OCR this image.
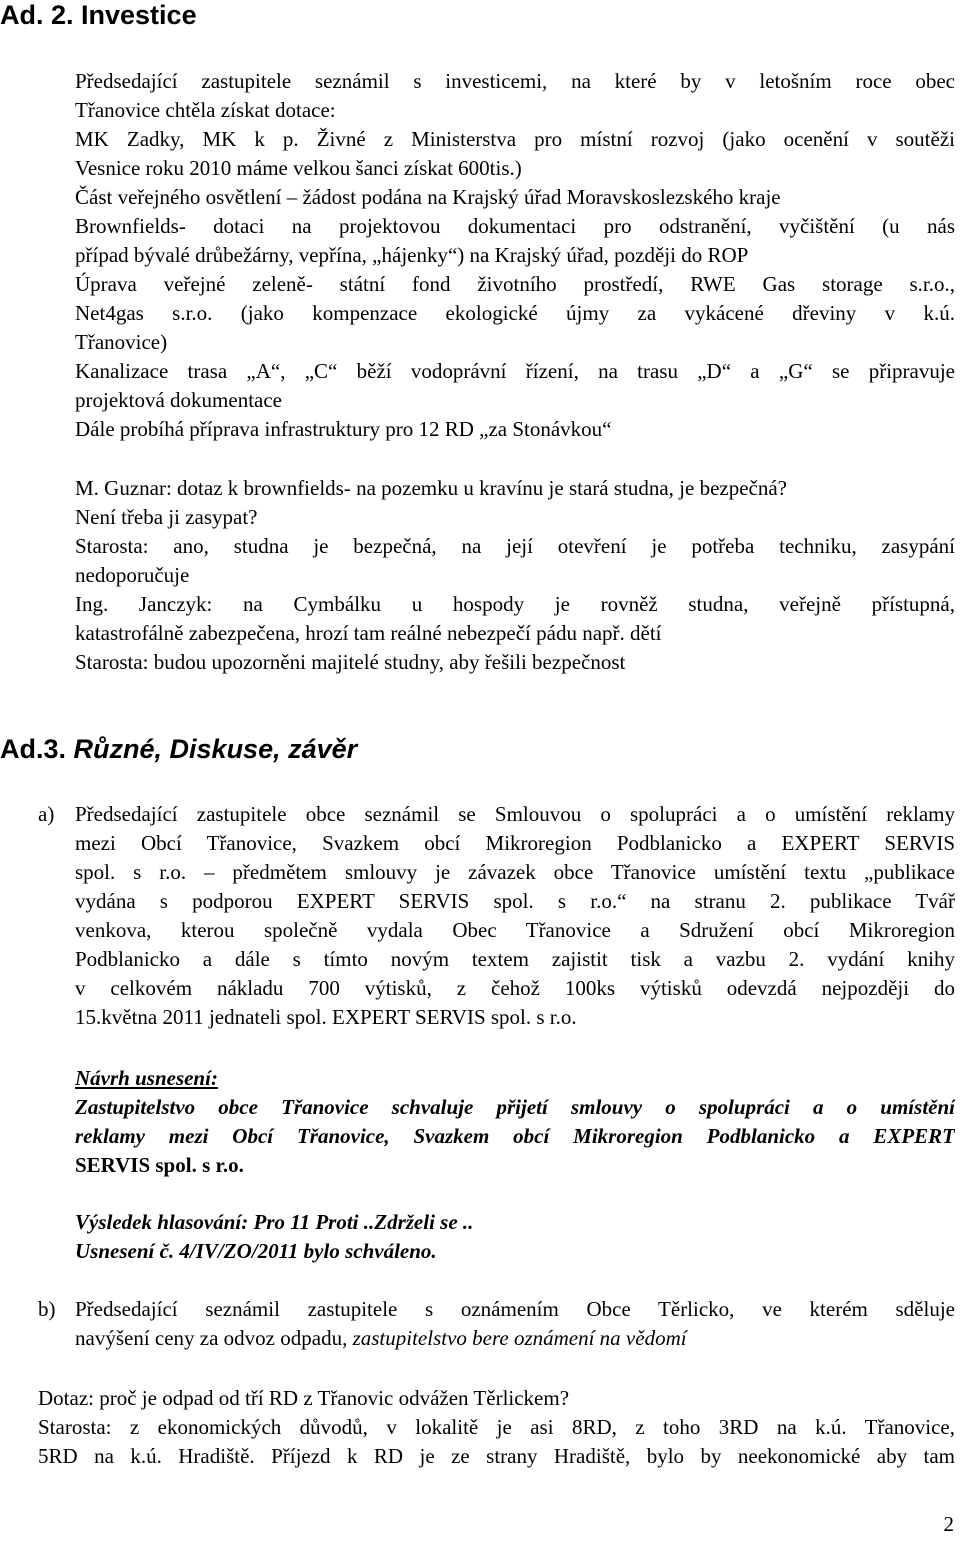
Ad. 2. Investice
Předsedající zastupitele seznámil s investicemi, na které by v letošním roce obec
Třanovice chtěla získat dotace:
MK Zadky, MK k p. Živné z Ministerstva pro místní rozvoj (jako ocenění v soutěži
Vesnice roku 2010 máme velkou šanci získat 600tis.)
Část veřejného osvětlení – žádost podána na Krajský úřad Moravskoslezského kraje
Brownfields- dotaci na projektovou dokumentaci pro odstranění, vyčištění (u nás
případ bývalé drůbežárny, vepřína, „hájenky“) na Krajský úřad, později do ROP
Úprava veřejné zeleně- státní fond životního prostředí, RWE Gas storage s.r.o.,
Net4gas s.r.o. (jako kompenzace ekologické újmy za vykácené dřeviny v k.ú.
Třanovice)
Kanalizace trasa „A“, „C“ běží vodoprávní řízení, na trasu „D“ a „G“ se připravuje
projektová dokumentace
Dále probíhá příprava infrastruktury pro 12 RD „za Stonávkou“
M. Guznar: dotaz k brownfields- na pozemku u kravínu je stará studna, je bezpečná?
Není třeba ji zasypat?
Starosta: ano, studna je bezpečná, na její otevření je potřeba techniku, zasypání
nedoporučuje
Ing. Janczyk: na Cymbálku u hospody je rovněž studna, veřejně přístupná,
katastrofálně zabezpečena, hrozí tam reálné nebezpečí pádu např. dětí
Starosta: budou upozorněni majitelé studny, aby řešili bezpečnost
Ad.3. Různé, Diskuse, závěr
a) Předsedající zastupitele obce seznámil se Smlouvou o spolupráci a o umístění reklamy
mezi Obcí Třanovice, Svazkem obcí Mikroregion Podblanicko a EXPERT SERVIS
spol. s r.o. – předmětem smlouvy je závazek obce Třanovice umístění textu „publikace
vydána s podporou EXPERT SERVIS spol. s r.o.“ na stranu 2. publikace Tvář
venkova, kterou společně vydala Obec Třanovice a Sdružení obcí Mikroregion
Podblanicko a dále s tímto novým textem zajistit tisk a vazbu 2. vydání knihy
v celkovém nákladu 700 výtisků, z čehož 100ks výtisků odevzdá nejpozději do
15.května 2011 jednateli spol. EXPERT SERVIS spol. s r.o.
Návrh usnesení:
Zastupitelstvo obce Třanovice schvaluje přijetí smlouvy o spolupráci a o umístění
reklamy mezi Obcí Třanovice, Svazkem obcí Mikroregion Podblanicko a EXPERT
SERVIS spol. s r.o.
Výsledek hlasování: Pro 11 Proti ..Zdrželi se ..
Usnesení č. 4/IV/ZO/2011 bylo schváleno.
b) Předsedající seznámil zastupitele s oznámením Obce Těrlicko, ve kterém sděluje
navýšení ceny za odvoz odpadu, zastupitelstvo bere oznámení na vědomí
Dotaz: proč je odpad od tří RD z Třanovic odvážen Těrlickem?
Starosta: z ekonomických důvodů, v lokalitě je asi 8RD, z toho 3RD na k.ú. Třanovice,
5RD na k.ú. Hradiště. Příjezd k RD je ze strany Hradiště, bylo by neekonomické aby tam
2
